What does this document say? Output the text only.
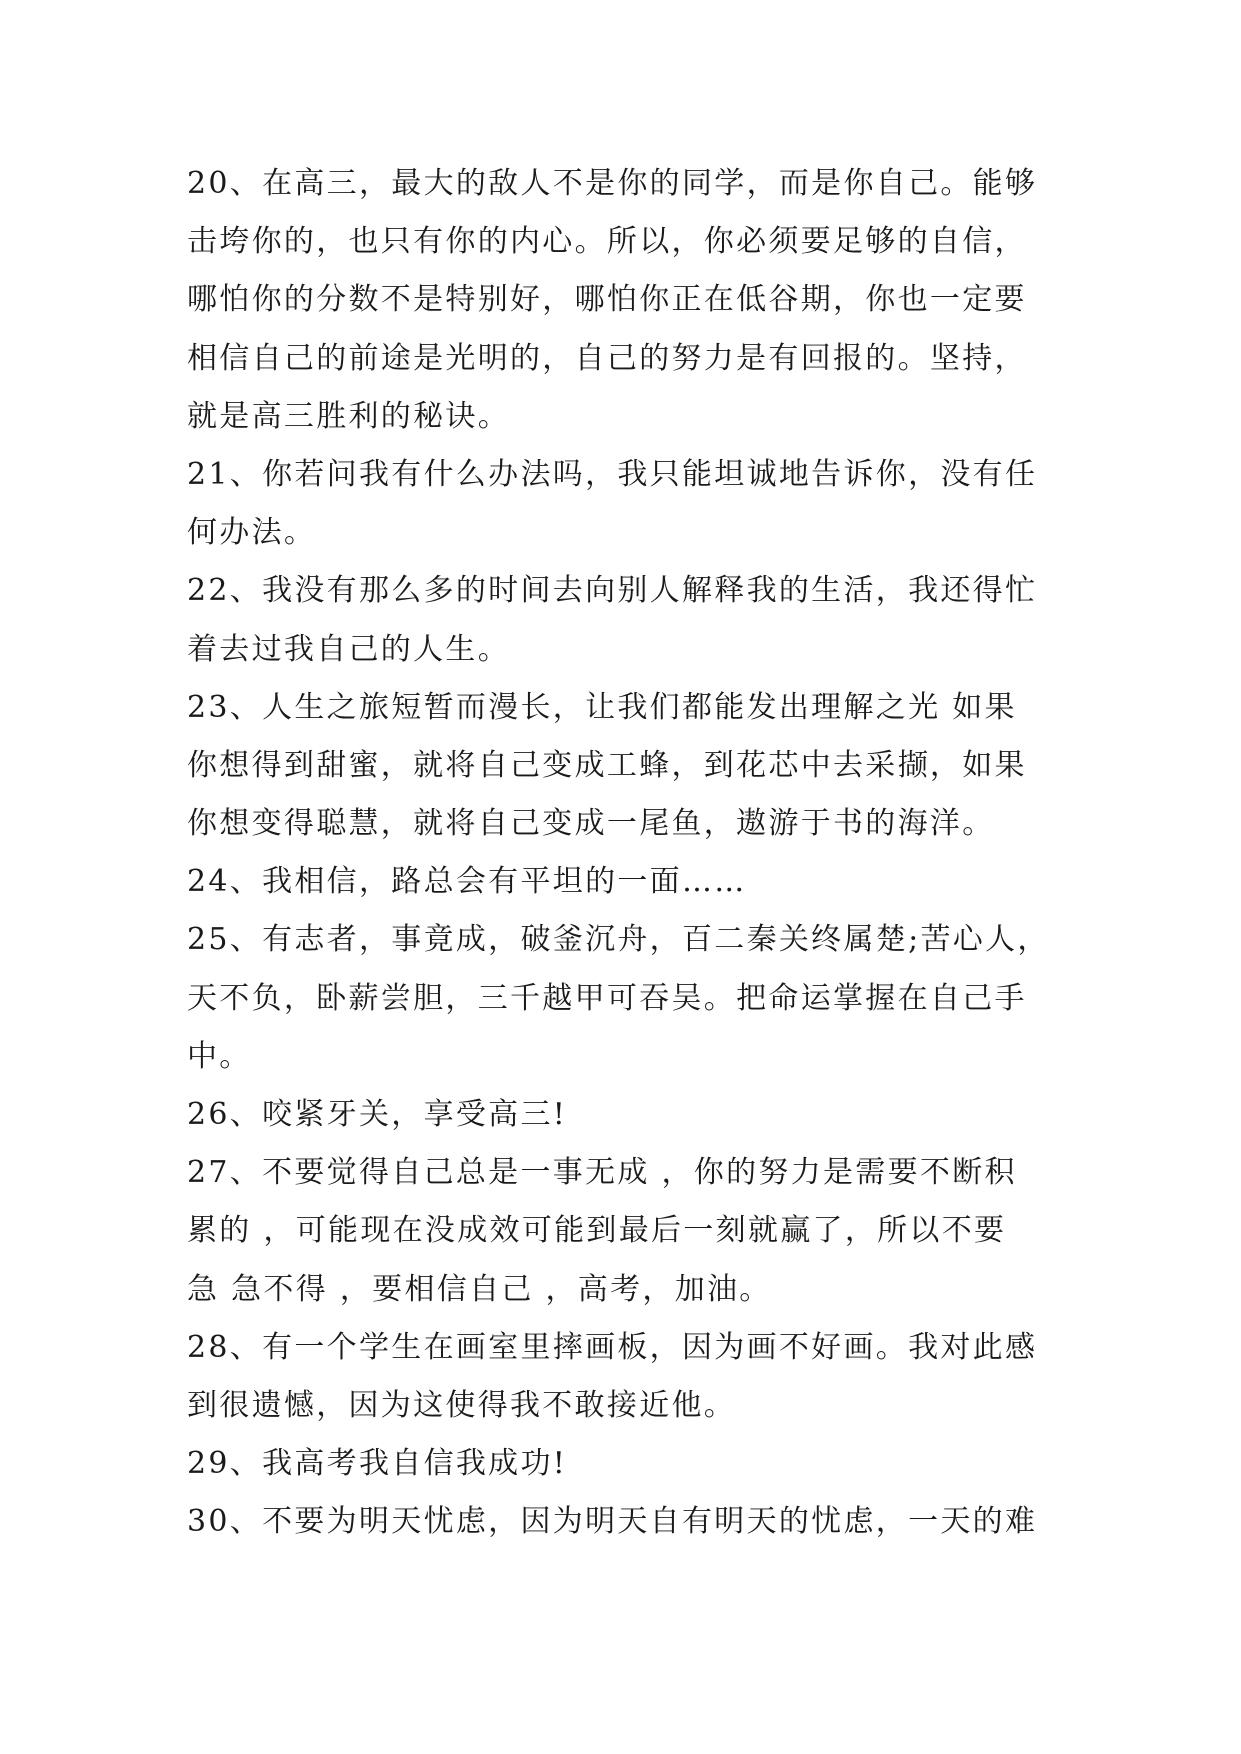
20、在高三，最大的敌人不是你的同学，而是你自己。能够
击垮你的，也只有你的内心。所以，你必须要足够的自信，
哪怕你的分数不是特别好，哪怕你正在低谷期，你也一定要
相信自己的前途是光明的，自己的努力是有回报的。坚持，
就是高三胜利的秘诀。
21、你若问我有什么办法吗，我只能坦诚地告诉你，没有任
何办法。
22、我没有那么多的时间去向别人解释我的生活，我还得忙
着去过我自己的人生。
23、人生之旅短暂而漫长，让我们都能发出理解之光 如果
你想得到甜蜜，就将自己变成工蜂，到花芯中去采撷，如果
你想变得聪慧，就将自己变成一尾鱼，遨游于书的海洋。
24、我相信，路总会有平坦的一面……
25、有志者，事竟成，破釜沉舟，百二秦关终属楚;苦心人，
天不负，卧薪尝胆，三千越甲可吞吴。把命运掌握在自己手
中。
26、咬紧牙关，享受高三!
27、不要觉得自己总是一事无成 ，你的努力是需要不断积
累的 ，可能现在没成效可能到最后一刻就赢了，所以不要
急 急不得 ，要相信自己 ，高考，加油。
28、有一个学生在画室里摔画板，因为画不好画。我对此感
到很遗憾，因为这使得我不敢接近他。
29、我高考我自信我成功!
30、不要为明天忧虑，因为明天自有明天的忧虑，一天的难
